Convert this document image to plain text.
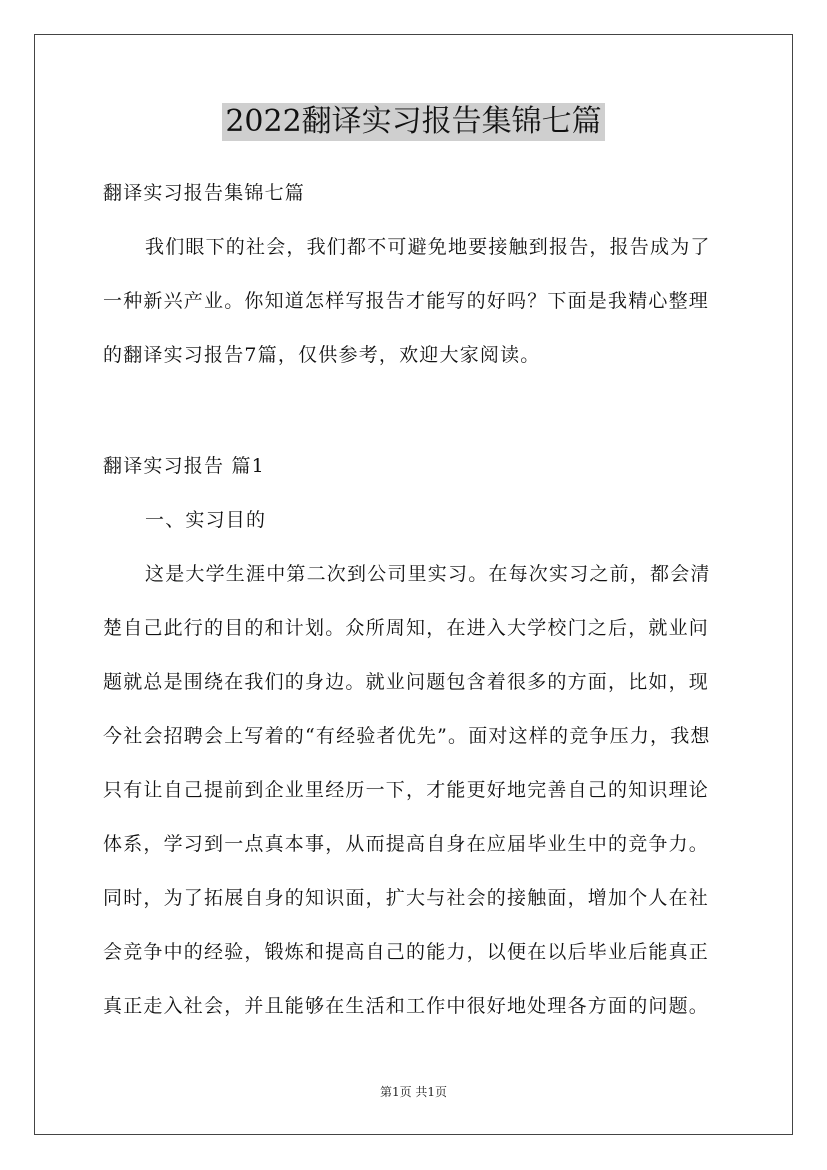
2022翻译实习报告集锦七篇
翻译实习报告集锦七篇
我们眼下的社会，我们都不可避免地要接触到报告，报告成为了
一种新兴产业。你知道怎样写报告才能写的好吗？下面是我精心整理
的翻译实习报告7篇，仅供参考，欢迎大家阅读。
翻译实习报告 篇1
一、实习目的
这是大学生涯中第二次到公司里实习。在每次实习之前，都会清
楚自己此行的目的和计划。众所周知，在进入大学校门之后，就业问
题就总是围绕在我们的身边。就业问题包含着很多的方面，比如，现
今社会招聘会上写着的“有经验者优先”。面对这样的竞争压力，我想
只有让自己提前到企业里经历一下，才能更好地完善自己的知识理论
体系，学习到一点真本事，从而提高自身在应届毕业生中的竞争力。
同时，为了拓展自身的知识面，扩大与社会的接触面，增加个人在社
会竞争中的经验，锻炼和提高自己的能力，以便在以后毕业后能真正
真正走入社会，并且能够在生活和工作中很好地处理各方面的问题。
第1页 共1页
